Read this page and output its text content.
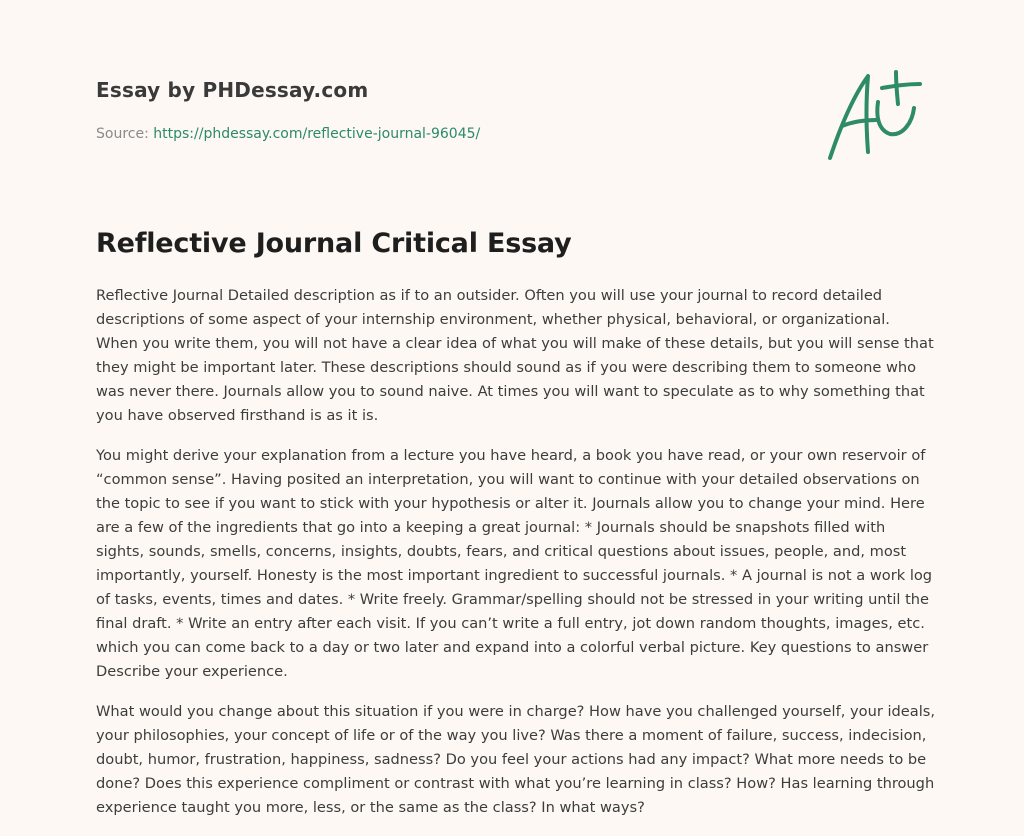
Essay by PHDessay.com
Source: https://phdessay.com/reflective-journal-96045/
Reflective Journal Critical Essay

Reflective Journal Detailed description as if to an outsider. Often you will use your journal to record detailed descriptions of some aspect of your internship environment, whether physical, behavioral, or organizational. When you write them, you will not have a clear idea of what you will make of these details, but you will sense that they might be important later. These descriptions should sound as if you were describing them to someone who was never there. Journals allow you to sound naive. At times you will want to speculate as to why something that you have observed firsthand is as it is.

You might derive your explanation from a lecture you have heard, a book you have read, or your own reservoir of “common sense”. Having posited an interpretation, you will want to continue with your detailed observations on the topic to see if you want to stick with your hypothesis or alter it. Journals allow you to change your mind. Here are a few of the ingredients that go into a keeping a great journal: * Journals should be snapshots filled with sights, sounds, smells, concerns, insights, doubts, fears, and critical questions about issues, people, and, most importantly, yourself. Honesty is the most important ingredient to successful journals. * A journal is not a work log of tasks, events, times and dates. * Write freely. Grammar/spelling should not be stressed in your writing until the final draft. * Write an entry after each visit. If you can’t write a full entry, jot down random thoughts, images, etc. which you can come back to a day or two later and expand into a colorful verbal picture. Key questions to answer Describe your experience.

What would you change about this situation if you were in charge? How have you challenged yourself, your ideals, your philosophies, your concept of life or of the way you live? Was there a moment of failure, success, indecision, doubt, humor, frustration, happiness, sadness? Do you feel your actions had any impact? What more needs to be done? Does this experience compliment or contrast with what you’re learning in class? How? Has learning through experience taught you more, less, or the same as the class? In what ways?
